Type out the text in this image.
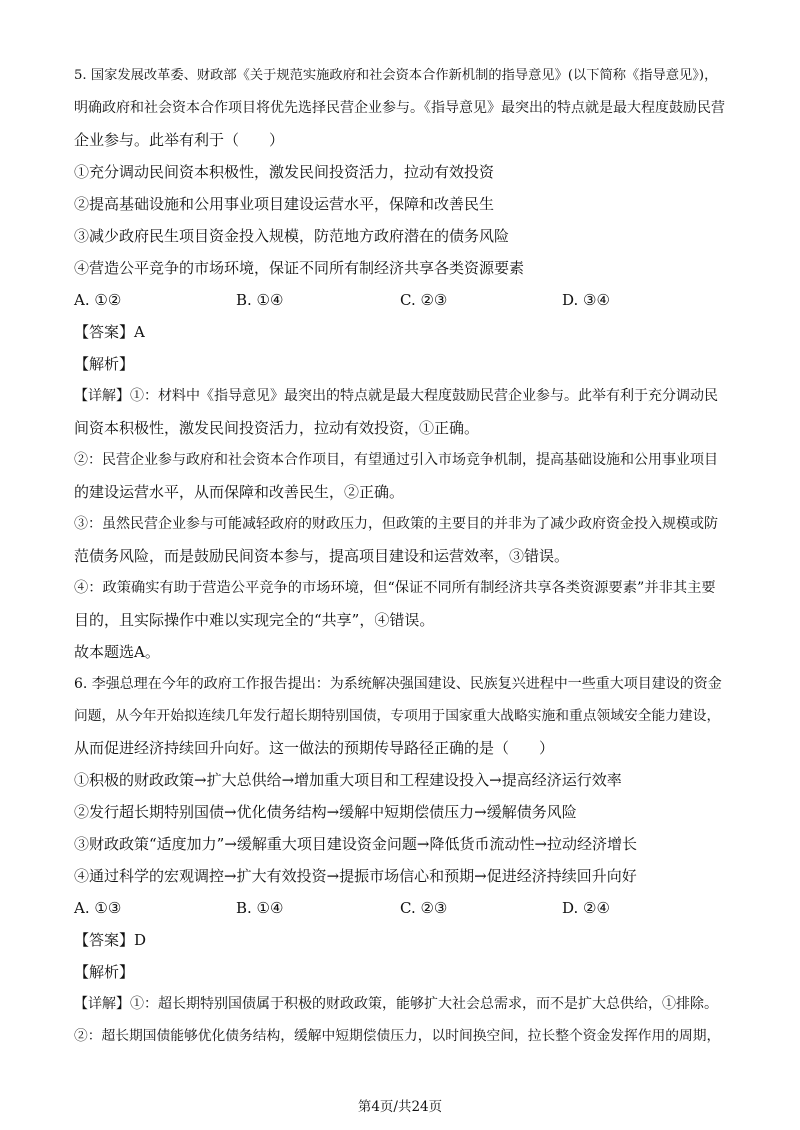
5. 国家发展改革委、财政部《关于规范实施政府和社会资本合作新机制的指导意见》(以下简称《指导意见》)，
明确政府和社会资本合作项目将优先选择民营企业参与。《指导意见》最突出的特点就是最大程度鼓励民营
企业参与。此举有利于（　　）
①充分调动民间资本积极性，激发民间投资活力，拉动有效投资
②提高基础设施和公用事业项目建设运营水平，保障和改善民生
③减少政府民生项目资金投入规模，防范地方政府潜在的债务风险
④营造公平竞争的市场环境，保证不同所有制经济共享各类资源要素
A. ①②	B. ①④	C. ②③	D. ③④
【答案】A
【解析】
【详解】①：材料中《指导意见》最突出的特点就是最大程度鼓励民营企业参与。此举有利于充分调动民
间资本积极性，激发民间投资活力，拉动有效投资，①正确。
②：民营企业参与政府和社会资本合作项目，有望通过引入市场竞争机制，提高基础设施和公用事业项目
的建设运营水平，从而保障和改善民生，②正确。
③：虽然民营企业参与可能减轻政府的财政压力，但政策的主要目的并非为了减少政府资金投入规模或防
范债务风险，而是鼓励民间资本参与，提高项目建设和运营效率，③错误。
④：政策确实有助于营造公平竞争的市场环境，但“保证不同所有制经济共享各类资源要素”并非其主要
目的，且实际操作中难以实现完全的“共享”，④错误。
故本题选A。
6. 李强总理在今年的政府工作报告提出：为系统解决强国建设、民族复兴进程中一些重大项目建设的资金
问题，从今年开始拟连续几年发行超长期特别国债，专项用于国家重大战略实施和重点领域安全能力建设，
从而促进经济持续回升向好。这一做法的预期传导路径正确的是（　　）
①积极的财政政策→扩大总供给→增加重大项目和工程建设投入→提高经济运行效率
②发行超长期特别国债→优化债务结构→缓解中短期偿债压力→缓解债务风险
③财政政策“适度加力”→缓解重大项目建设资金问题→降低货币流动性→拉动经济增长
④通过科学的宏观调控→扩大有效投资→提振市场信心和预期→促进经济持续回升向好
A. ①③	B. ①④	C. ②③	D. ②④
【答案】D
【解析】
【详解】①：超长期特别国债属于积极的财政政策，能够扩大社会总需求，而不是扩大总供给，①排除。
②：超长期国债能够优化债务结构，缓解中短期偿债压力，以时间换空间，拉长整个资金发挥作用的周期，
第4页/共24页
